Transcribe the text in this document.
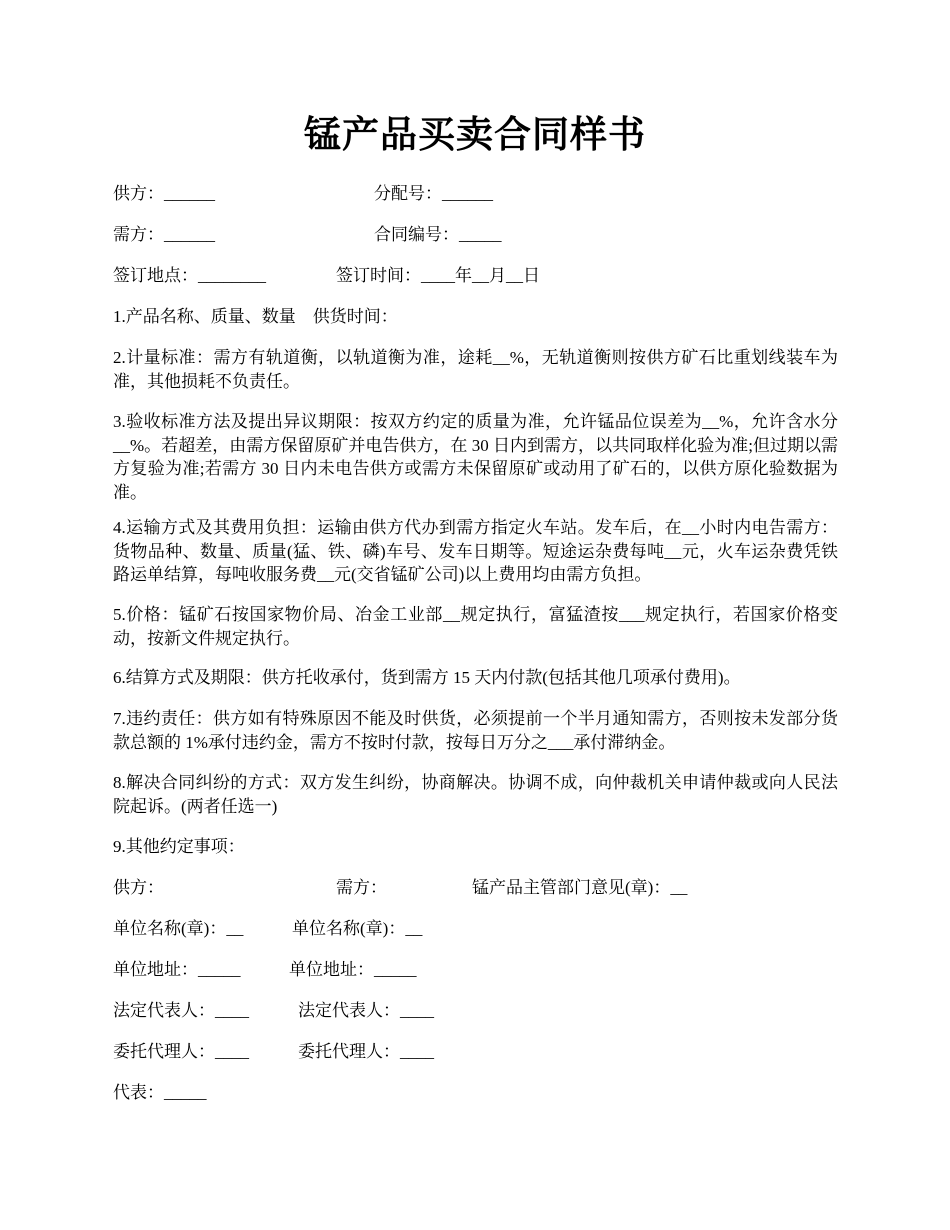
锰产品买卖合同样书
供方：______	分配号：______
需方：______	合同编号：_____
签订地点：________	签订时间：____年__月__日

1.产品名称、质量、数量　供货时间：

2.计量标准：需方有轨道衡，以轨道衡为准，途耗__%，无轨道衡则按供方矿石比重划线装车为准，其他损耗不负责任。

3.验收标准方法及提出异议期限：按双方约定的质量为准，允许锰品位误差为__%，允许含水分__%。若超差，由需方保留原矿并电告供方，在 30 日内到需方，以共同取样化验为准;但过期以需方复验为准;若需方 30 日内未电告供方或需方未保留原矿或动用了矿石的，以供方原化验数据为准。

4.运输方式及其费用负担：运输由供方代办到需方指定火车站。发车后，在__小时内电告需方：货物品种、数量、质量(猛、铁、磷)车号、发车日期等。短途运杂费每吨__元，火车运杂费凭铁路运单结算，每吨收服务费__元(交省锰矿公司)以上费用均由需方负担。

5.价格：锰矿石按国家物价局、冶金工业部__规定执行，富猛渣按___规定执行，若国家价格变动，按新文件规定执行。

6.结算方式及期限：供方托收承付，货到需方 15 天内付款(包括其他几项承付费用)。

7.违约责任：供方如有特殊原因不能及时供货，必须提前一个半月通知需方，否则按未发部分货款总额的 1%承付违约金，需方不按时付款，按每日万分之___承付滞纳金。

8.解决合同纠纷的方式：双方发生纠纷，协商解决。协调不成，向仲裁机关申请仲裁或向人民法院起诉。(两者任选一)

9.其他约定事项：

供方：	需方：	锰产品主管部门意见(章)：__
单位名称(章)：__	单位名称(章)：__
单位地址：_____	单位地址：_____
法定代表人：____	法定代表人：____
委托代理人：____	委托代理人：____
代表：_____
